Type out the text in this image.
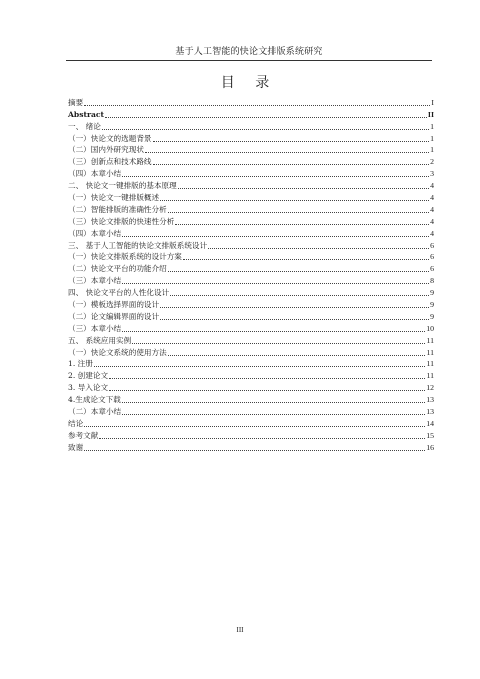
基于人工智能的快论文排版系统研究
目 录
摘要	I
Abstract	II
一、 绪论	1
（一）快论文的选题背景	1
（二）国内外研究现状	1
（三）创新点和技术路线	2
（四）本章小结	3
二、 快论文一键排版的基本原理	4
（一）快论文一键排版概述	4
（二）智能排版的准确性分析	4
（三）快论文排版的快速性分析	4
（四）本章小结	4
三、 基于人工智能的快论文排版系统设计	6
（一）快论文排版系统的设计方案	6
（二）快论文平台的功能介绍	6
（三）本章小结	8
四、 快论文平台的人性化设计	9
（一）模板选择界面的设计	9
（二）论文编辑界面的设计	9
（三）本章小结	10
五、 系统应用实例	11
（一）快论文系统的使用方法	11
1. 注册	11
2. 创建论文	11
3. 导入论文	12
4.生成论文下载	13
（二）本章小结	13
结论	14
参考文献	15
致谢	16
III
